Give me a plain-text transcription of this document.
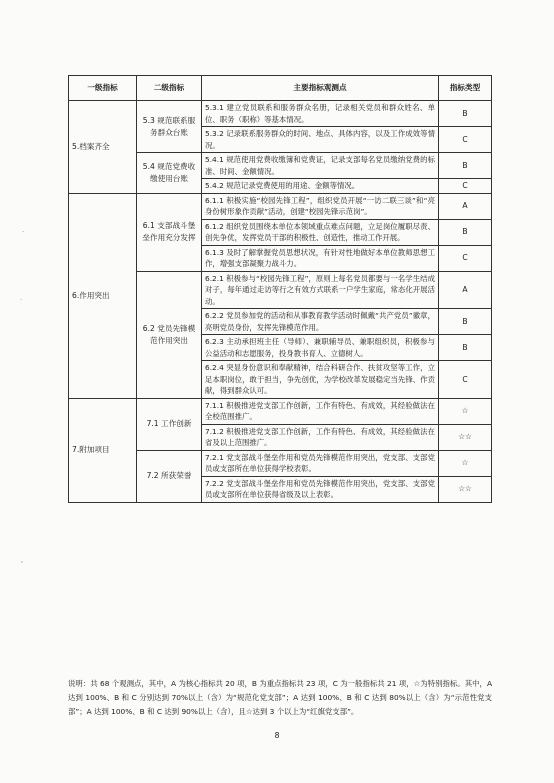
一级指标	二级指标	主要指标观测点	指标类型
5.档案齐全	5.3 规范联系服务群众台账	5.3.1 建立党员联系和服务群众名册，记录相关党员和群众姓名、单位、职务（职称）等基本情况。	B
		5.3.2 记录联系服务群众的时间、地点、具体内容，以及工作成效等情况。	C
	5.4 规范党费收缴使用台账	5.4.1 规范使用党费收缴簿和党费证，记录支部每名党员缴纳党费的标准、时间、金额情况。	B
		5.4.2 规范记录党费使用的用途、金额等情况。	C
6.作用突出	6.1 支部战斗堡垒作用充分发挥	6.1.1 积极实施“校园先锋工程”，组织党员开展“一访二联三谈”和“亮身份树形象作贡献”活动，创建“校园先锋示范岗”。	A
		6.1.2 组织党员围绕本单位本领域重点难点问题，立足岗位履职尽责、创先争优，发挥党员干部的积极性、创造性，推动工作开展。	B
		6.1.3 及时了解掌握党员思想状况，有针对性地做好本单位教师思想工作，增强支部凝聚力战斗力。	C
	6.2 党员先锋模范作用突出	6.2.1 积极参与“校园先锋工程”，原则上每名党员都要与一名学生结成对子，每年通过走访等行之有效方式联系一户学生家庭，常态化开展活动。	A
		6.2.2 党员参加党的活动和从事教育教学活动时佩戴“共产党员”徽章，亮明党员身份，发挥先锋模范作用。	B
		6.2.3 主动承担班主任（导师）、兼职辅导员、兼职组织员，积极参与公益活动和志愿服务，投身教书育人、立德树人。	B
		6.2.4 突显身份意识和奉献精神，结合科研合作、扶贫攻坚等工作，立足本职岗位，敢于担当，争先创优，为学校改革发展稳定当先锋、作贡献，得到群众认可。	C
7.附加项目	7.1 工作创新	7.1.1 积极推进党支部工作创新，工作有特色、有成效，其经验做法在全校范围推广。	☆
		7.1.2 积极推进党支部工作创新，工作有特色、有成效，其经验做法在省及以上范围推广。	☆☆
	7.2 所获荣誉	7.2.1 党支部战斗堡垒作用和党员先锋模范作用突出，党支部、支部党员或支部所在单位获得学校表彰。	☆
		7.2.2 党支部战斗堡垒作用和党员先锋模范作用突出，党支部、支部党员或支部所在单位获得省级及以上表彰。	☆☆
说明：共 68 个观测点，其中，A 为核心指标共 20 项，B 为重点指标共 23 项，C 为一般指标共 21 项，☆为特别指标。其中，A 达到 100%、B 和 C 分别达到 70%以上（含）为“规范化党支部”；A 达到 100%、B 和 C 达到 80%以上（含）为“示范性党支部”；A 达到 100%、B 和 C 达到 90%以上（含），且☆达到 3 个以上为“红旗党支部”。
8
·
·
'
